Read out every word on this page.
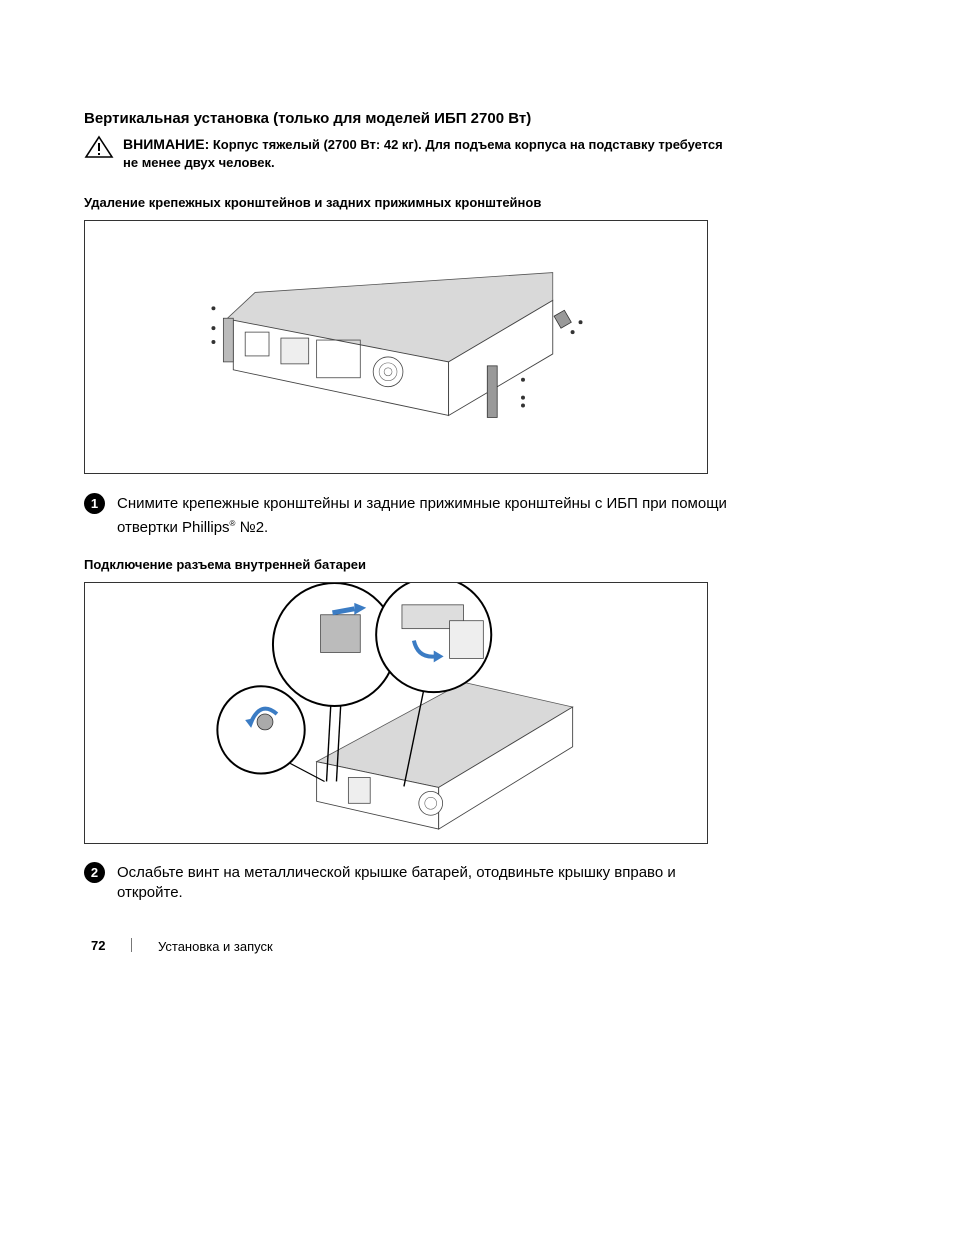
Вертикальная установка (только для моделей ИБП 2700 Вт)
ВНИМАНИЕ: Корпус тяжелый (2700 Вт: 42 кг). Для подъема корпуса на подставку требуется не менее двух человек.
Удаление крепежных кронштейнов и задних прижимных кронштейнов
1	Снимите крепежные кронштейны и задние прижимные кронштейны с ИБП при помощи отвертки Phillips® №2.
Подключение разъема внутренней батареи
2	Ослабьте винт на металлической крышке батарей, отодвиньте крышку вправо и откройте.
72	Установка и запуск
